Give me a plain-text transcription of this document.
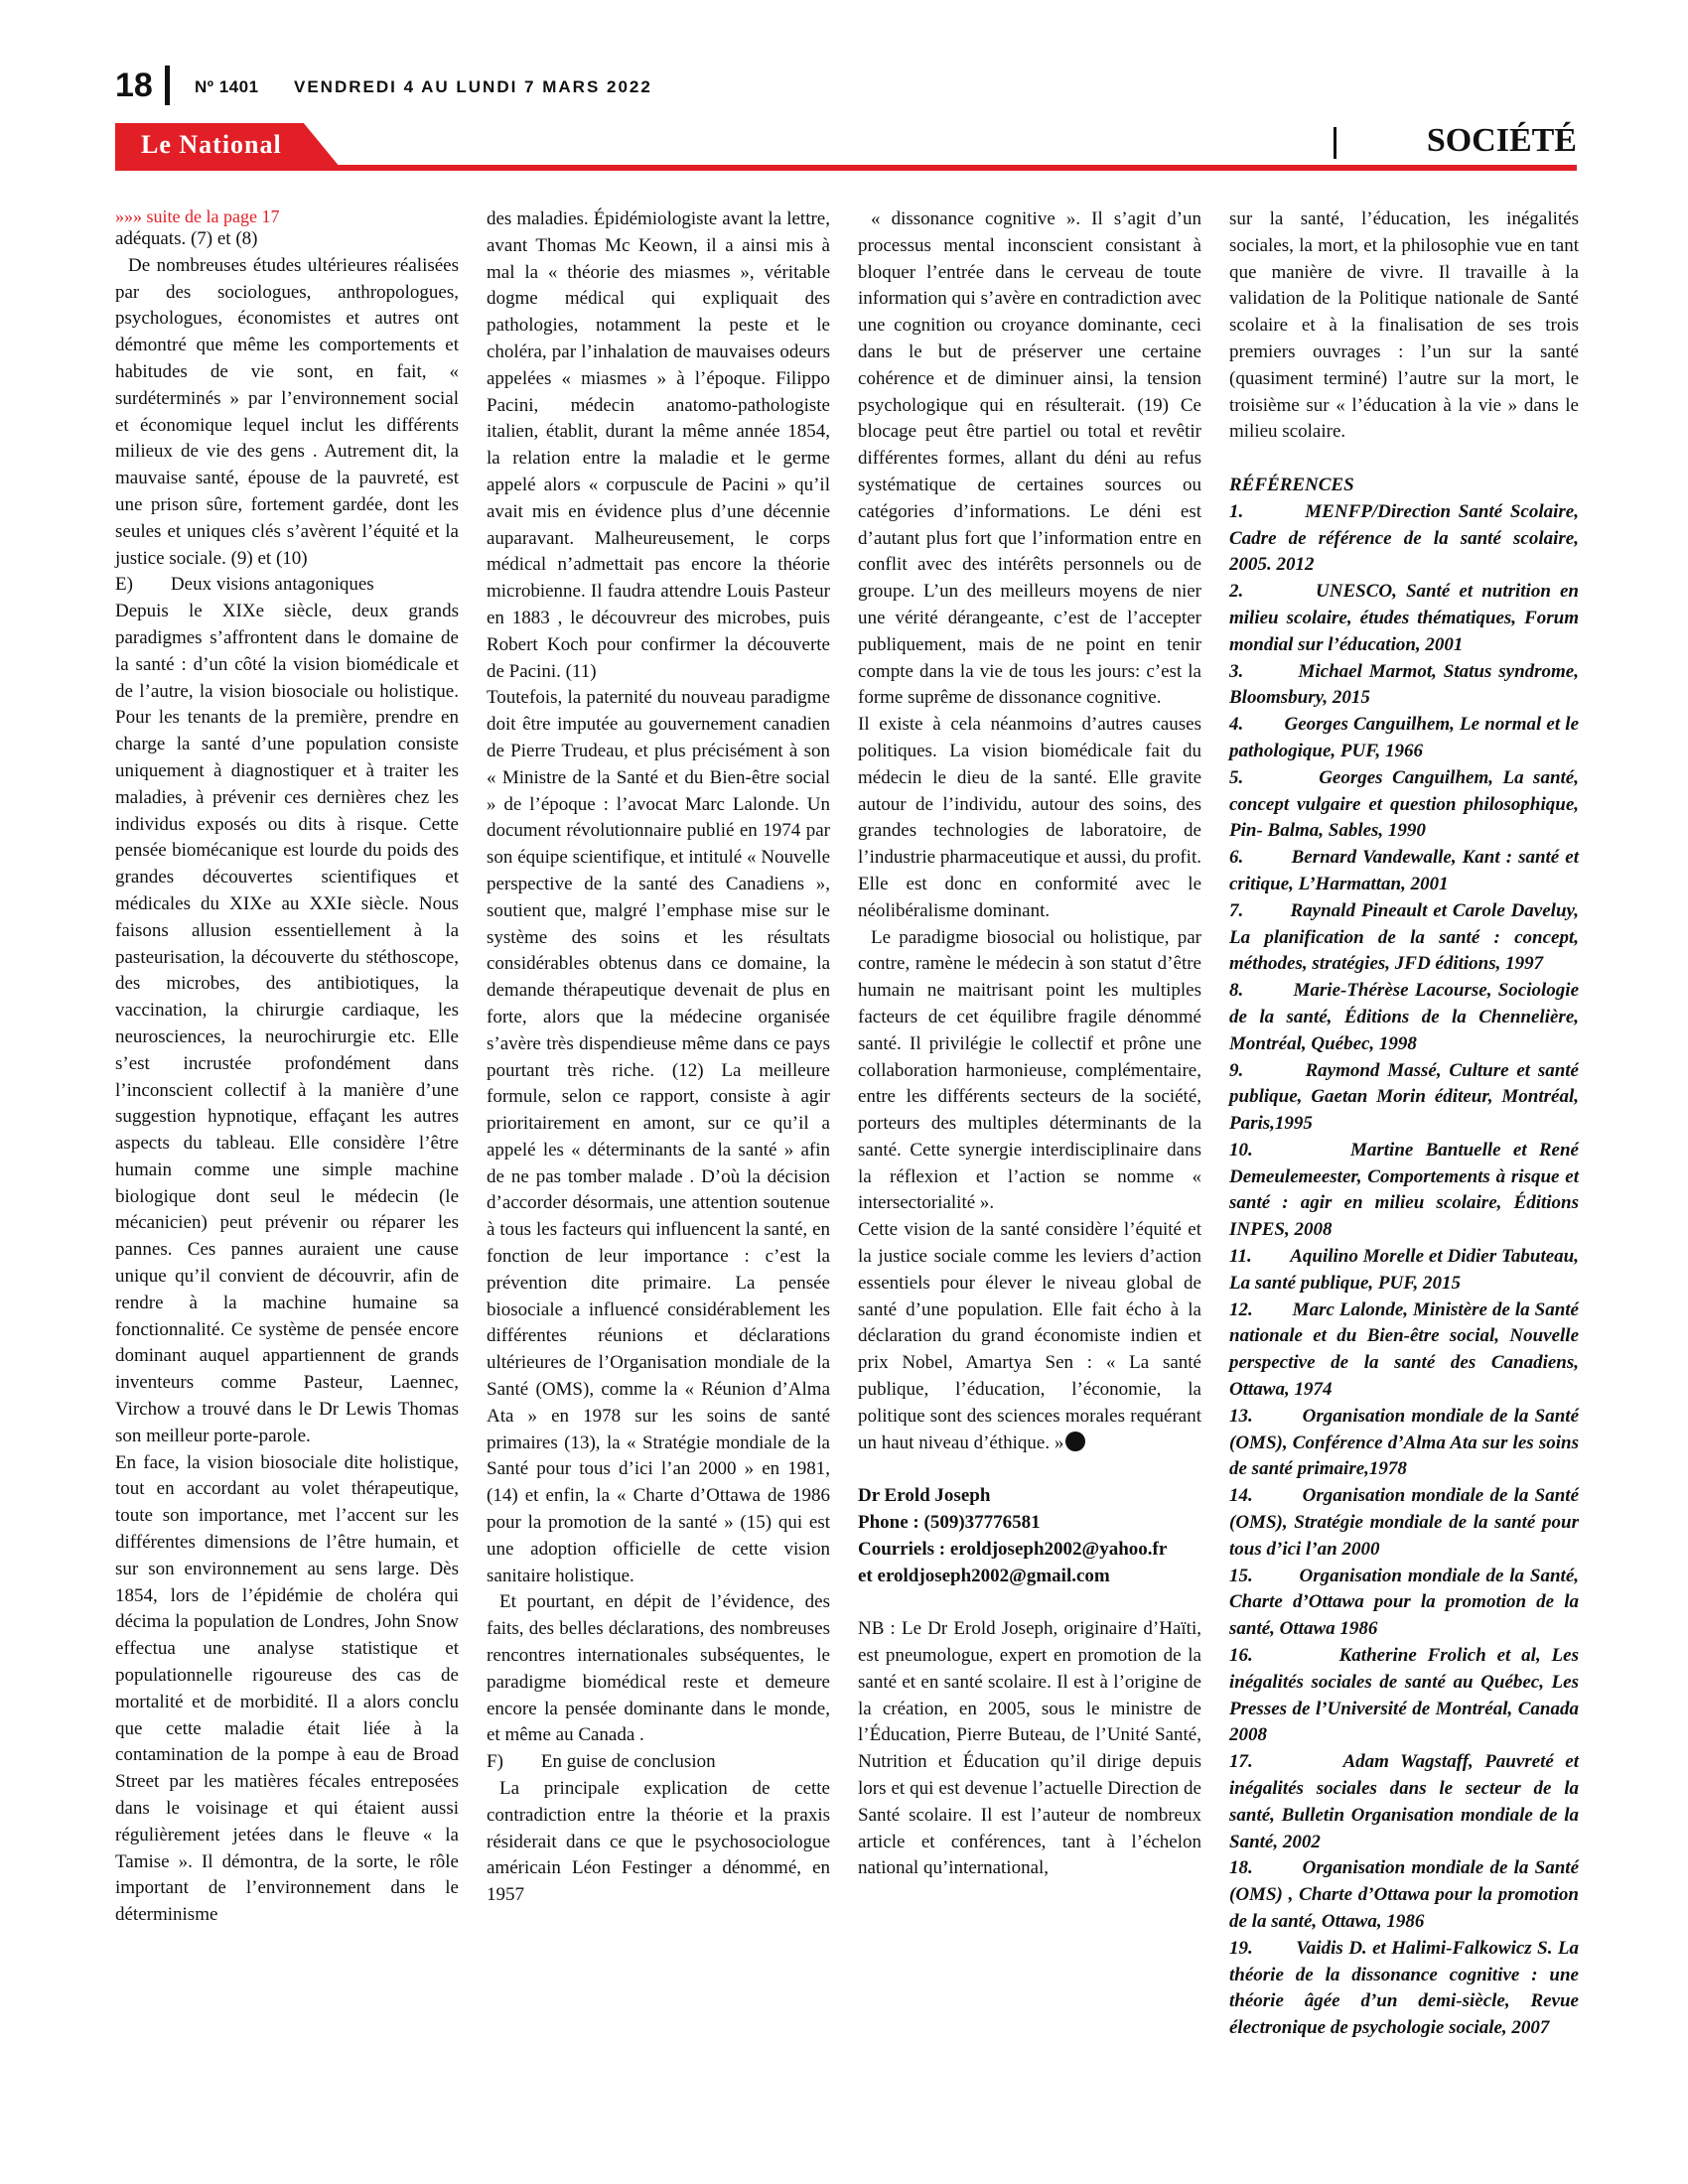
18 Nº 1401 VENDREDI 4 AU LUNDI 7 MARS 2022
Le National	SOCIÉTÉ

»»» suite de la page 17

adéquats. (7) et (8)

De nombreuses études ultérieures réalisées par des sociologues, anthropologues, psychologues, économistes et autres ont démontré que même les comportements et habitudes de vie sont, en fait, « surdéterminés » par l’environnement social et économique lequel inclut les différents milieux de vie des gens . Autrement dit, la mauvaise santé, épouse de la pauvreté, est une prison sûre, fortement gardée, dont les seules et uniques clés s’avèrent l’équité et la justice sociale. (9) et (10)

E)        Deux visions antagoniques

Depuis le XIXe siècle, deux grands paradigmes s’affrontent dans le domaine de la santé : d’un côté la vision biomédicale et de l’autre, la vision biosociale ou holistique. Pour les tenants de la première, prendre en charge la santé d’une population consiste uniquement à diagnostiquer et à traiter les maladies, à prévenir ces dernières chez les individus exposés ou dits à risque. Cette pensée biomécanique est lourde du poids des grandes découvertes scientifiques et médicales du XIXe au XXIe siècle. Nous faisons allusion essentiellement à la pasteurisation, la découverte du stéthoscope, des microbes, des antibiotiques, la vaccination, la chirurgie cardiaque, les neurosciences, la neurochirurgie etc. Elle s’est incrustée profondément dans l’inconscient collectif à la manière d’une suggestion hypnotique, effaçant les autres aspects du tableau. Elle considère l’être humain comme une simple machine biologique dont seul le médecin (le mécanicien) peut prévenir ou réparer les pannes. Ces pannes auraient une cause unique qu’il convient de découvrir, afin de rendre à la machine humaine sa fonctionnalité. Ce système de pensée encore dominant auquel appartiennent de grands inventeurs comme Pasteur, Laennec, Virchow a trouvé dans le Dr Lewis Thomas son meilleur porte-parole.

En face, la vision biosociale dite holistique, tout en accordant au volet thérapeutique, toute son importance, met l’accent sur les différentes dimensions de l’être humain, et sur son environnement au sens large. Dès 1854, lors de l’épidémie de choléra qui décima la population de Londres, John Snow effectua une analyse statistique et populationnelle rigoureuse des cas de mortalité et de morbidité. Il a alors conclu que cette maladie était liée à la contamination de la pompe à eau de Broad Street par les matières fécales entreposées dans le voisinage et qui étaient aussi régulièrement jetées dans le fleuve « la Tamise ». Il démontra, de la sorte, le rôle important de l’environnement dans le déterminisme

des maladies. Épidémiologiste avant la lettre, avant Thomas Mc Keown, il a ainsi mis à mal la « théorie des miasmes », véritable dogme médical qui expliquait des pathologies, notamment la peste et le choléra, par l’inhalation de mauvaises odeurs appelées « miasmes » à l’époque. Filippo Pacini, médecin anatomo-pathologiste italien, établit, durant la même année 1854, la relation entre la maladie et le germe appelé alors « corpuscule de Pacini » qu’il avait mis en évidence plus d’une décennie auparavant. Malheureusement, le corps médical n’admettait pas encore la théorie microbienne. Il faudra attendre Louis Pasteur en 1883 , le découvreur des microbes, puis Robert Koch pour confirmer la découverte de Pacini. (11)

Toutefois, la paternité du nouveau paradigme doit être imputée au gouvernement canadien de Pierre Trudeau, et plus précisément à son « Ministre de la Santé et du Bien-être social » de l’époque : l’avocat Marc Lalonde. Un document révolutionnaire publié en 1974 par son équipe scientifique, et intitulé « Nouvelle perspective de la santé des Canadiens », soutient que, malgré l’emphase mise sur le système des soins et les résultats considérables obtenus dans ce domaine, la demande thérapeutique devenait de plus en forte, alors que la médecine organisée s’avère très dispendieuse même dans ce pays pourtant très riche. (12) La meilleure formule, selon ce rapport, consiste à agir prioritairement en amont, sur ce qu’il a appelé les « déterminants de la santé » afin de ne pas tomber malade . D’où la décision d’accorder désormais, une attention soutenue à tous les facteurs qui influencent la santé, en fonction de leur importance : c’est la prévention dite primaire. La pensée biosociale a influencé considérablement les différentes réunions et déclarations ultérieures de l’Organisation mondiale de la Santé (OMS), comme la « Réunion d’Alma Ata » en 1978 sur les soins de santé primaires (13), la « Stratégie mondiale de la Santé pour tous d’ici l’an 2000 » en 1981, (14) et enfin, la « Charte d’Ottawa de 1986 pour la promotion de la santé » (15) qui est une adoption officielle de cette vision sanitaire holistique.

Et pourtant, en dépit de l’évidence, des faits, des belles déclarations, des nombreuses rencontres internationales subséquentes, le paradigme biomédical reste et demeure encore la pensée dominante dans le monde, et même au Canada .

F)        En guise de conclusion

La principale explication de cette contradiction entre la théorie et la praxis résiderait dans ce que le psychosociologue américain Léon Festinger a dénommé, en 1957

« dissonance cognitive ». Il s’agit d’un processus mental inconscient consistant à bloquer l’entrée dans le cerveau de toute information qui s’avère en contradiction avec une cognition ou croyance dominante, ceci dans le but de préserver une certaine cohérence et de diminuer ainsi, la tension psychologique qui en résulterait. (19) Ce blocage peut être partiel ou total et revêtir différentes formes, allant du déni au refus systématique de certaines sources ou catégories d’informations. Le déni est d’autant plus fort que l’information entre en conflit avec des intérêts personnels ou de groupe. L’un des meilleurs moyens de nier une vérité dérangeante, c’est de l’accepter publiquement, mais de ne point en tenir compte dans la vie de tous les jours: c’est la forme suprême de dissonance cognitive.

Il existe à cela néanmoins d’autres causes politiques. La vision biomédicale fait du médecin le dieu de la santé. Elle gravite autour de l’individu, autour des soins, des grandes technologies de laboratoire, de l’industrie pharmaceutique et aussi, du profit. Elle est donc en conformité avec le néolibéralisme dominant.

Le paradigme biosocial ou holistique, par contre, ramène le médecin à son statut d’être humain ne maitrisant point les multiples facteurs de cet équilibre fragile dénommé santé. Il privilégie le collectif et prône une collaboration harmonieuse, complémentaire, entre les différents secteurs de la société, porteurs des multiples déterminants de la santé. Cette synergie interdisciplinaire dans la réflexion et l’action se nomme « intersectorialité ».

Cette vision de la santé considère l’équité et la justice sociale comme les leviers d’action essentiels pour élever le niveau global de santé d’une population. Elle fait écho à la déclaration du grand économiste indien et prix Nobel, Amartya Sen : « La santé publique, l’éducation, l’économie, la politique sont des sciences morales requérant un haut niveau d’éthique. »

Dr Erold Joseph

Phone : (509)37776581

Courriels : eroldjoseph2002@yahoo.fr

et eroldjoseph2002@gmail.com

NB : Le Dr Erold Joseph, originaire d’Haïti, est pneumologue, expert en promotion de la santé et en santé scolaire. Il est à l’origine de la création, en 2005, sous le ministre de l’Éducation, Pierre Buteau, de l’Unité Santé, Nutrition et Éducation qu’il dirige depuis lors et qui est devenue l’actuelle Direction de Santé scolaire. Il est l’auteur de nombreux article et conférences, tant à l’échelon national qu’international,

sur la santé, l’éducation, les inégalités sociales, la mort, et la philosophie vue en tant que manière de vivre. Il travaille à la validation de la Politique nationale de Santé scolaire et à la finalisation de ses trois premiers ouvrages : l’un sur la santé (quasiment terminé) l’autre sur la mort, le troisième sur « l’éducation à la vie » dans le milieu scolaire.

RÉFÉRENCES

1.        MENFP/Direction Santé Scolaire, Cadre de référence de la santé scolaire, 2005. 2012

2.        UNESCO, Santé et nutrition en milieu scolaire, études thématiques, Forum mondial sur l’éducation, 2001

3.        Michael Marmot, Status syndrome, Bloomsbury, 2015

4.        Georges Canguilhem, Le normal et le pathologique, PUF, 1966

5.        Georges Canguilhem, La santé, concept vulgaire et question philosophique, Pin- Balma, Sables, 1990

6.        Bernard Vandewalle, Kant : santé et critique, L’Harmattan, 2001

7.        Raynald Pineault et Carole Daveluy, La planification de la santé : concept, méthodes, stratégies, JFD éditions, 1997

8.        Marie-Thérèse Lacourse, Sociologie de la santé, Éditions de la Chenneliѐre, Montréal, Québec, 1998

9.        Raymond Massé, Culture et santé publique, Gaetan Morin éditeur, Montréal, Paris,1995

10.        Martine Bantuelle et René Demeulemeester, Comportements à risque et santé : agir en milieu scolaire, Éditions INPES, 2008

11.        Aquilino Morelle et Didier Tabuteau, La santé publique, PUF, 2015

12.        Marc Lalonde, Ministѐre de la Santé nationale et du Bien-être social, Nouvelle perspective de la santé des Canadiens, Ottawa, 1974

13.        Organisation mondiale de la Santé (OMS), Conférence d’Alma Ata sur les soins de santé primaire,1978

14.        Organisation mondiale de la Santé (OMS), Stratégie mondiale de la santé pour tous d’ici l’an 2000

15.        Organisation mondiale de la Santé, Charte d’Ottawa pour la promotion de la santé, Ottawa 1986

16.        Katherine Frolich et al, Les inégalités sociales de santé au Québec, Les Presses de l’Université de Montréal, Canada 2008

17.        Adam Wagstaff, Pauvreté et inégalités sociales dans le secteur de la santé, Bulletin Organisation mondiale de la Santé, 2002

18.        Organisation mondiale de la Santé (OMS) , Charte d’Ottawa pour la promotion de la santé, Ottawa, 1986

19.        Vaidis D. et Halimi-Falkowicz S. La théorie de la dissonance cognitive : une théorie âgée d’un demi-siècle, Revue électronique de psychologie sociale, 2007
